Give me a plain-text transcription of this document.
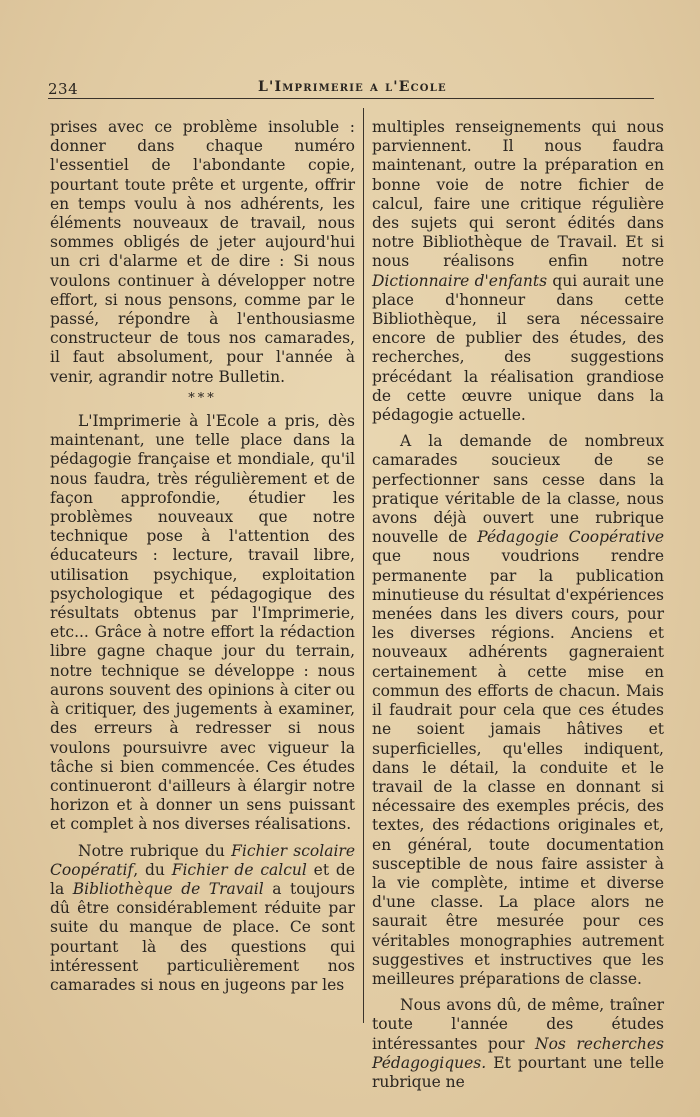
234	L'Imprimerie a l'Ecole

prises avec ce problème insoluble : donner dans chaque numéro l'essentiel de l'abondante copie, pourtant toute prête et urgente, offrir en temps voulu à nos adhérents, les éléments nouveaux de travail, nous sommes obligés de jeter aujourd'hui un cri d'alarme et de dire : Si nous voulons continuer à développer notre effort, si nous pensons, comme par le passé, répondre à l'enthousiasme constructeur de tous nos camarades, il faut absolument, pour l'année à venir, agrandir notre Bulletin.

***

L'Imprimerie à l'Ecole a pris, dès maintenant, une telle place dans la pédagogie française et mondiale, qu'il nous faudra, très régulièrement et de façon approfondie, étudier les problèmes nouveaux que notre technique pose à l'attention des éducateurs : lecture, travail libre, utilisation psychique, exploitation psychologique et pédagogique des résultats obtenus par l'Imprimerie, etc... Grâce à notre effort la rédaction libre gagne chaque jour du terrain, notre technique se développe : nous aurons souvent des opinions à citer ou à critiquer, des jugements à examiner, des erreurs à redresser si nous voulons poursuivre avec vigueur la tâche si bien commencée. Ces études continueront d'ailleurs à élargir notre horizon et à donner un sens puissant et complet à nos diverses réalisations.

Notre rubrique du Fichier scolaire Coopératif, du Fichier de calcul et de la Bibliothèque de Travail a toujours dû être considérablement réduite par suite du manque de place. Ce sont pourtant là des questions qui intéressent particulièrement nos camarades si nous en jugeons par les

multiples renseignements qui nous parviennent. Il nous faudra maintenant, outre la préparation en bonne voie de notre fichier de calcul, faire une critique régulière des sujets qui seront édités dans notre Bibliothèque de Travail. Et si nous réalisons enfin notre Dictionnaire d'enfants qui aurait une place d'honneur dans cette Bibliothèque, il sera nécessaire encore de publier des études, des recherches, des suggestions précédant la réalisation grandiose de cette œuvre unique dans la pédagogie actuelle.

A la demande de nombreux camarades soucieux de se perfectionner sans cesse dans la pratique véritable de la classe, nous avons déjà ouvert une rubrique nouvelle de Pédagogie Coopérative que nous voudrions rendre permanente par la publication minutieuse du résultat d'expériences menées dans les divers cours, pour les diverses régions. Anciens et nouveaux adhérents gagneraient certainement à cette mise en commun des efforts de chacun. Mais il faudrait pour cela que ces études ne soient jamais hâtives et superficielles, qu'elles indiquent, dans le détail, la conduite et le travail de la classe en donnant si nécessaire des exemples précis, des textes, des rédactions originales et, en général, toute documentation susceptible de nous faire assister à la vie complète, intime et diverse d'une classe. La place alors ne saurait être mesurée pour ces véritables monographies autrement suggestives et instructives que les meilleures préparations de classe.

Nous avons dû, de même, traîner toute l'année des études intéressantes pour Nos recherches Pédagogiques. Et pourtant une telle rubrique ne
